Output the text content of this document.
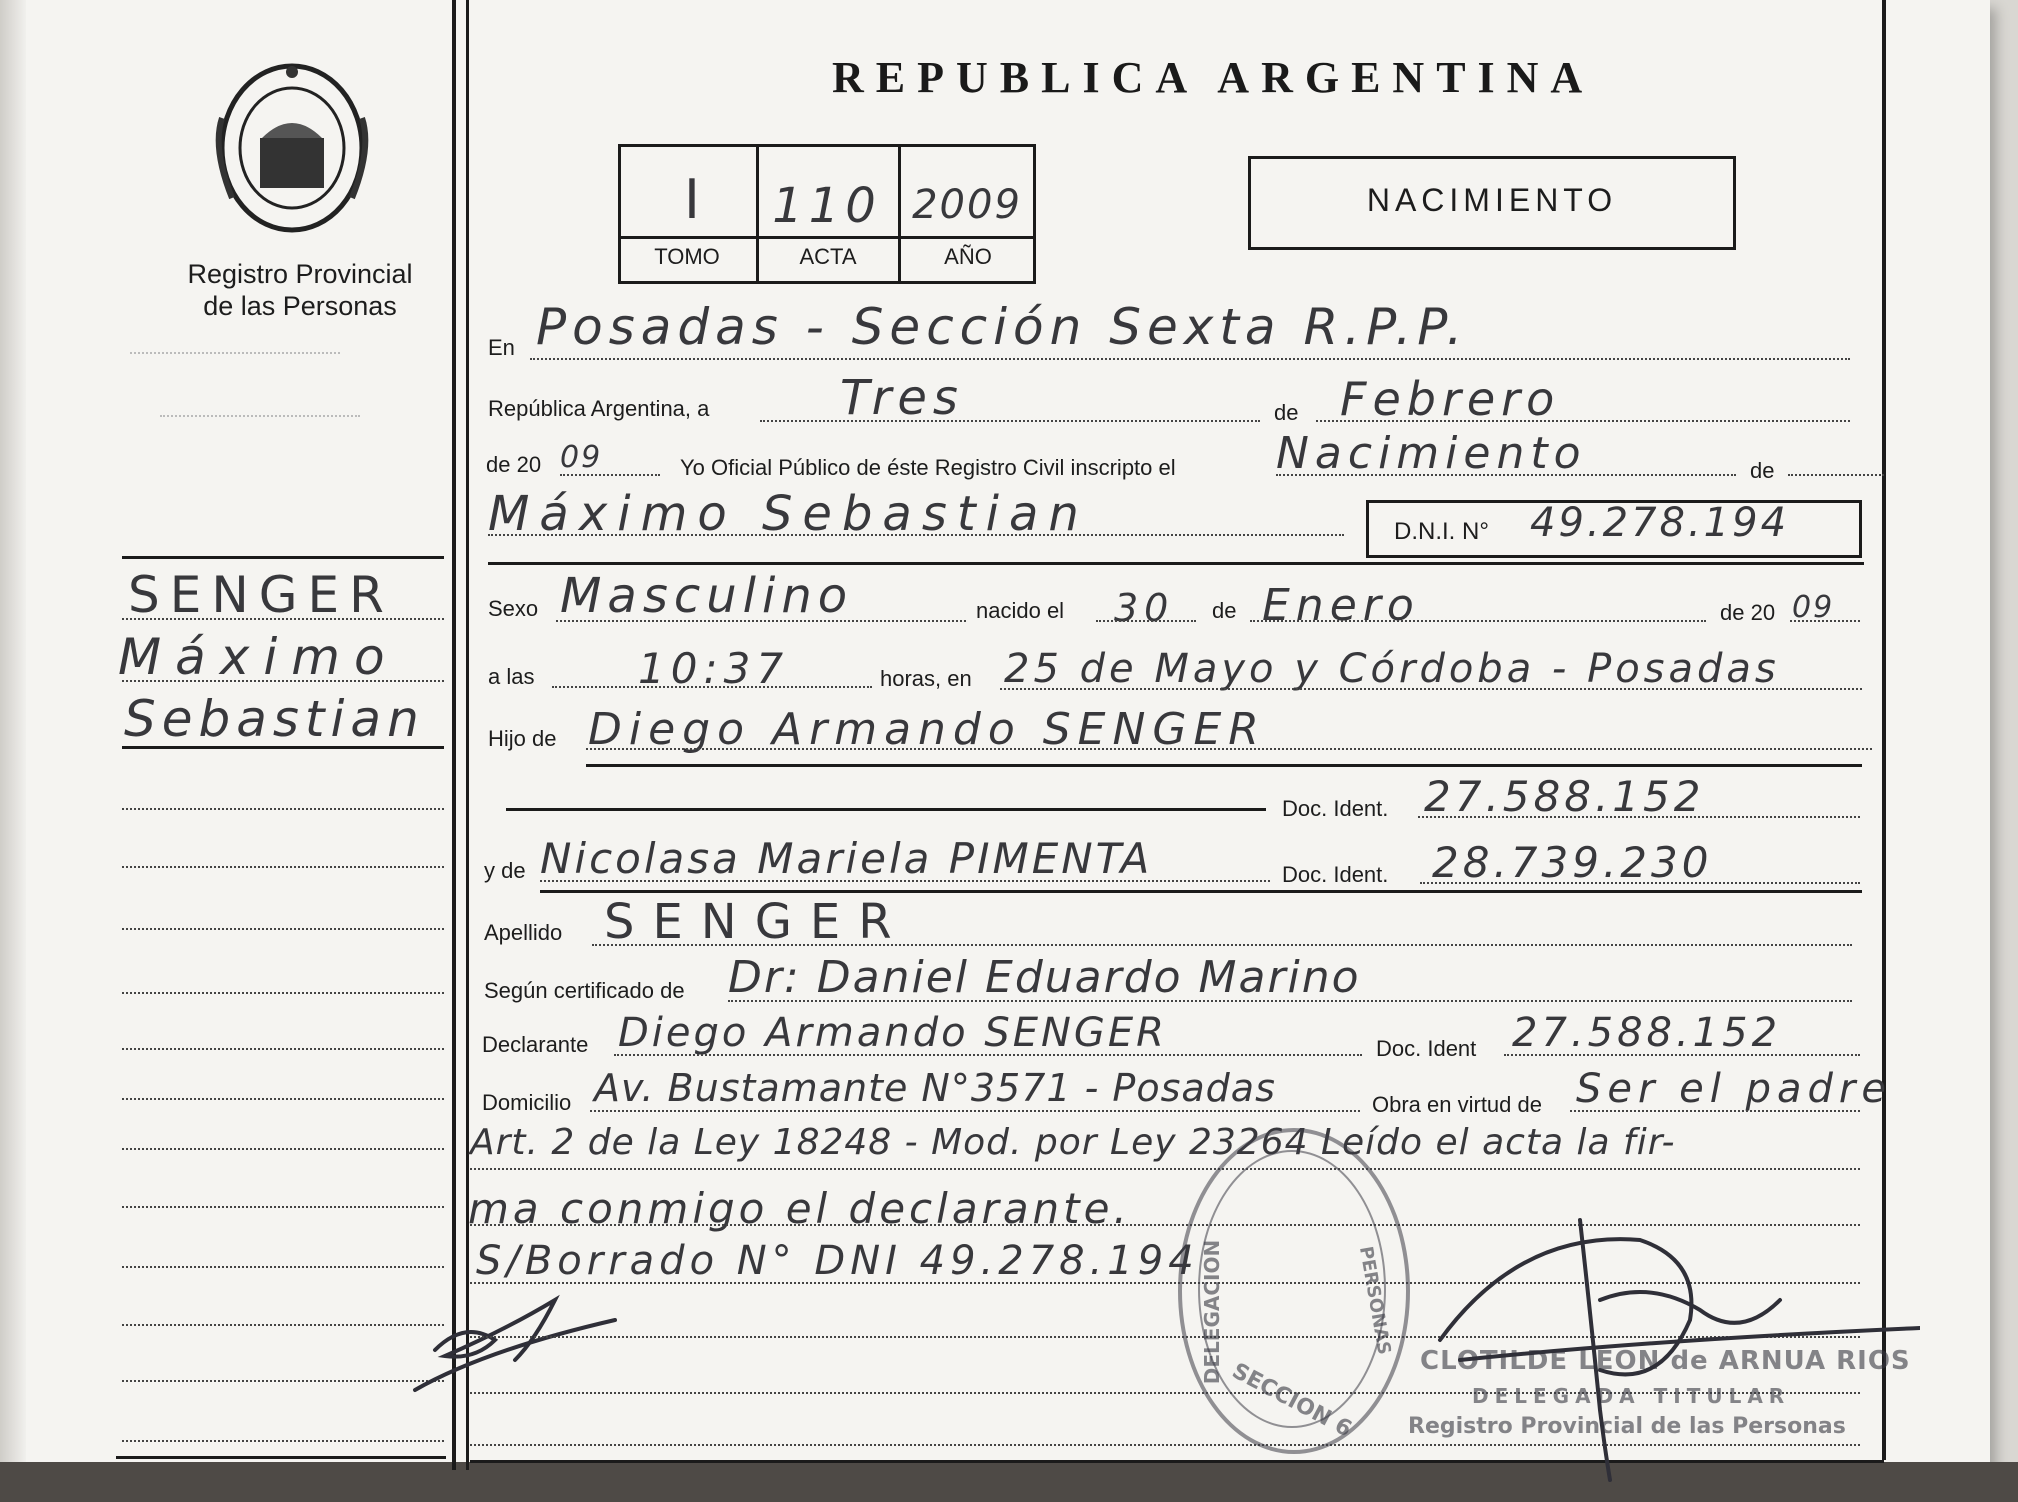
Registro Provincial
de las Personas
SENGER
Máximo
Sebastian
REPUBLICA ARGENTINA
I	110 2009
TOMO	ACTA	AÑO
NACIMIENTO
En Posadas - Sección Sexta R.P.P.
República Argentina, a	Tres	de Febrero
de 20 09	Yo Oficial Público de éste Registro Civil inscripto el Nacimiento	de
Máximo Sebastian	D.N.I. N° 49.278.194
Sexo Masculino	nacido el 30 de Enero	de 20 09
a las 10:37	horas, en 25 de Mayo y Córdoba - Posadas
Hijo de Diego Armando SENGER
Doc. Ident. 27.588.152
y de Nicolasa Mariela PIMENTA	Doc. Ident. 28.739.230
Apellido SENGER
Según certificado de Dr: Daniel Eduardo Marino
Declarante Diego Armando SENGER	Doc. Ident 27.588.152
Domicilio Av. Bustamante N°3571 - Posadas	Obra en virtud de Ser el padre
Art. 2 de la Ley 18248 - Mod. por Ley 23264 Leído el acta la fir-
ma conmigo el declarante.
S/Borrado N° DNI 49.278.194 DELEGACION
SECCION 6
PERSONAS
CLOTILDE LEON de ARNUA RIOS
DELEGADA TITULAR
Registro Provincial de las Personas
